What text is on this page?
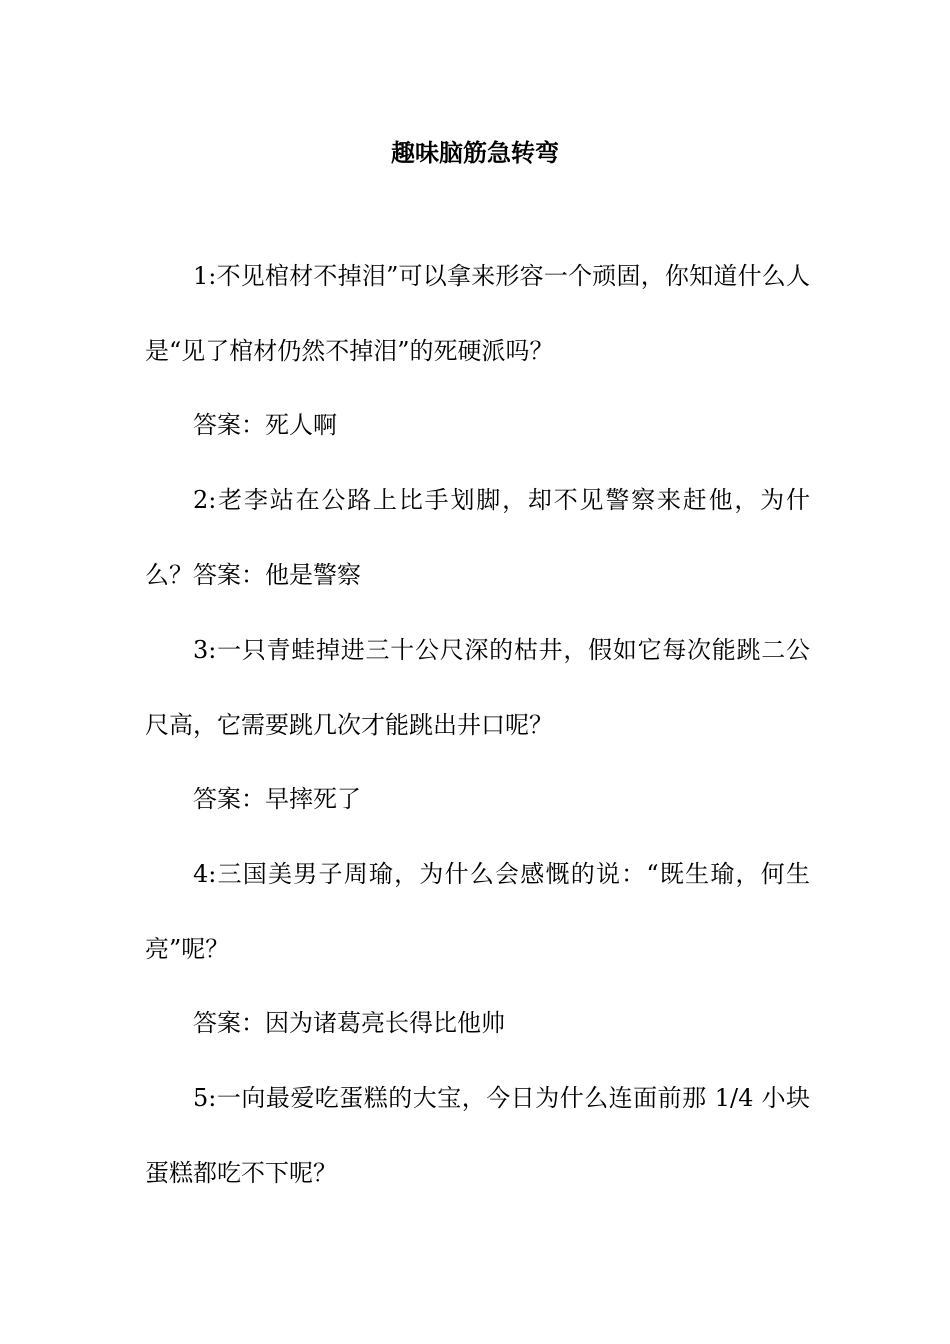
趣味脑筋急转弯

1:不见棺材不掉泪”可以拿来形容一个顽固，你知道什么人是“见了棺材仍然不掉泪”的死硬派吗？

答案：死人啊

2:老李站在公路上比手划脚，却不见警察来赶他，为什么？ 答案：他是警察

3:一只青蛙掉进三十公尺深的枯井，假如它每次能跳二公尺高，它需要跳几次才能跳出井口呢？

答案：早摔死了

4:三国美男子周瑜，为什么会感慨的说：“既生瑜，何生亮”呢？

答案：因为诸葛亮长得比他帅

5:一向最爱吃蛋糕的大宝，今日为什么连面前那 1/4 小块蛋糕都吃不下呢？
